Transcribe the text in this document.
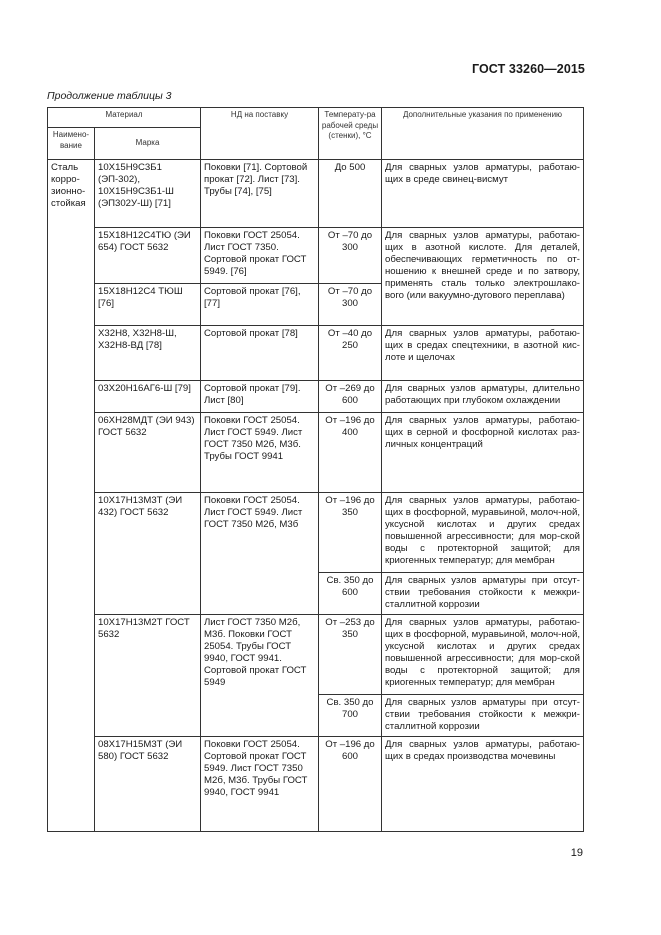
ГОСТ 33260—2015
Продолжение таблицы 3
Материал		НД на поставку	Температу-ра рабочей среды (стенки), °С	Дополнительные указания по применению
Наимено-вание	Марка			
Сталь корро-зионно-стойкая	10Х15Н9С3Б1 (ЭП-302), 10Х15Н9С3Б1-Ш (ЭП302У-Ш) [71]	Поковки [71]. Сортовой прокат [72]. Лист [73]. Трубы [74], [75]	До 500	Для сварных узлов арматуры, работаю-щих в среде свинец-висмут
	15Х18Н12С4ТЮ (ЭИ 654) ГОСТ 5632	Поковки ГОСТ 25054. Лист ГОСТ 7350. Сортовой прокат ГОСТ 5949. [76]	От –70 до 300	Для сварных узлов арматуры, работаю-щих в азотной кислоте. Для деталей, обеспечивающих герметичность по от-ношению к внешней среде и по затвору, применять сталь только электрошлако-вого (или вакуумно-дугового переплава)
	15Х18Н12С4 ТЮШ [76]	Сортовой прокат [76], [77]	От –70 до 300	
	Х32Н8, Х32Н8-Ш, Х32Н8-ВД [78]	Сортовой прокат [78]	От –40 до 250	Для сварных узлов арматуры, работаю-щих в средах спецтехники, в азотной кис-лоте и щелочах
	03Х20Н16АГ6-Ш [79]	Сортовой прокат [79]. Лист [80]	От –269 до 600	Для сварных узлов арматуры, длительно работающих при глубоком охлаждении
	06ХН28МДТ (ЭИ 943) ГОСТ 5632	Поковки ГОСТ 25054. Лист ГОСТ 5949. Лист ГОСТ 7350 М2б, М3б. Трубы ГОСТ 9941	От –196 до 400	Для сварных узлов арматуры, работаю-щих в серной и фосфорной кислотах раз-личных концентраций
	10Х17Н13М3Т (ЭИ 432) ГОСТ 5632	Поковки ГОСТ 25054. Лист ГОСТ 5949. Лист ГОСТ 7350 М2б, М3б	От –196 до 350	Для сварных узлов арматуры, работаю-щих в фосфорной, муравьиной, молоч-ной, уксусной кислотах и других средах повышенной агрессивности; для мор-ской воды с протекторной защитой; для криогенных температур; для мембран
			Св. 350 до 600	Для сварных узлов арматуры при отсут-ствии требования стойкости к межкри-сталлитной коррозии
	10Х17Н13М2Т ГОСТ 5632	Лист ГОСТ 7350 М2б, М3б. Поковки ГОСТ 25054. Трубы ГОСТ 9940, ГОСТ 9941. Сортовой прокат ГОСТ 5949	От –253 до 350	Для сварных узлов арматуры, работаю-щих в фосфорной, муравьиной, молоч-ной, уксусной кислотах и других средах повышенной агрессивности; для мор-ской воды с протекторной защитой; для криогенных температур; для мембран
			Св. 350 до 700	Для сварных узлов арматуры при отсут-ствии требования стойкости к межкри-сталлитной коррозии
	08Х17Н15М3Т (ЭИ 580) ГОСТ 5632	Поковки ГОСТ 25054. Сортовой прокат ГОСТ 5949. Лист ГОСТ 7350 М2б, М3б. Трубы ГОСТ 9940, ГОСТ 9941	От –196 до 600	Для сварных узлов арматуры, работаю-щих в средах производства мочевины
19
